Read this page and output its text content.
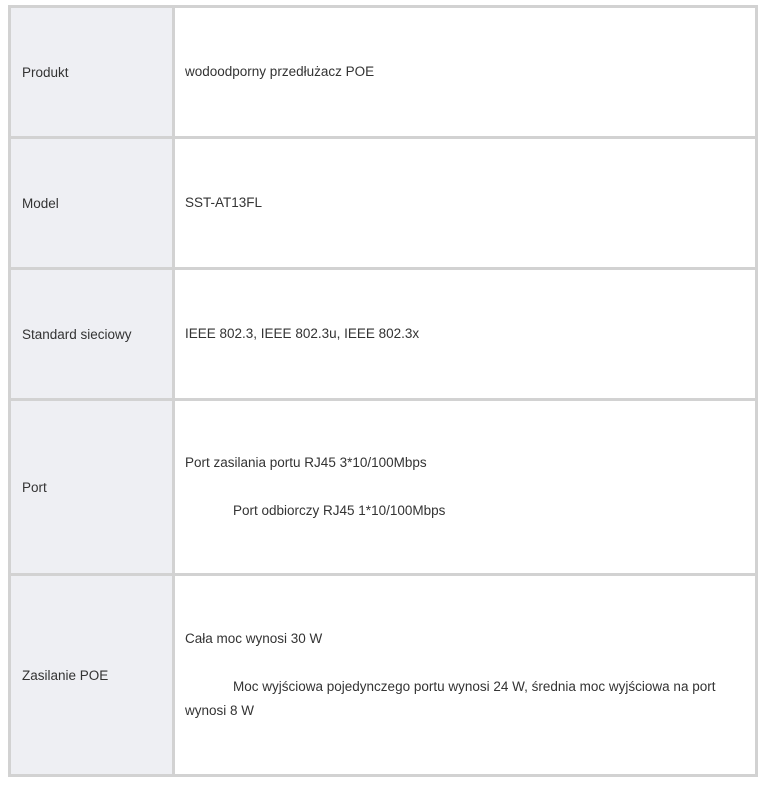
Produkt	wodoodporny przedłużacz POE

Model	SST-AT13FL

Standard sieciowy	IEEE 802.3, IEEE 802.3u, IEEE 802.3x

Port	Port zasilania portu RJ45 3*10/100Mbps

Port odbiorczy RJ45 1*10/100Mbps

Zasilanie POE	Cała moc wynosi 30 W

Moc wyjściowa pojedynczego portu wynosi 24 W, średnia moc wyjściowa na port wynosi 8 W
